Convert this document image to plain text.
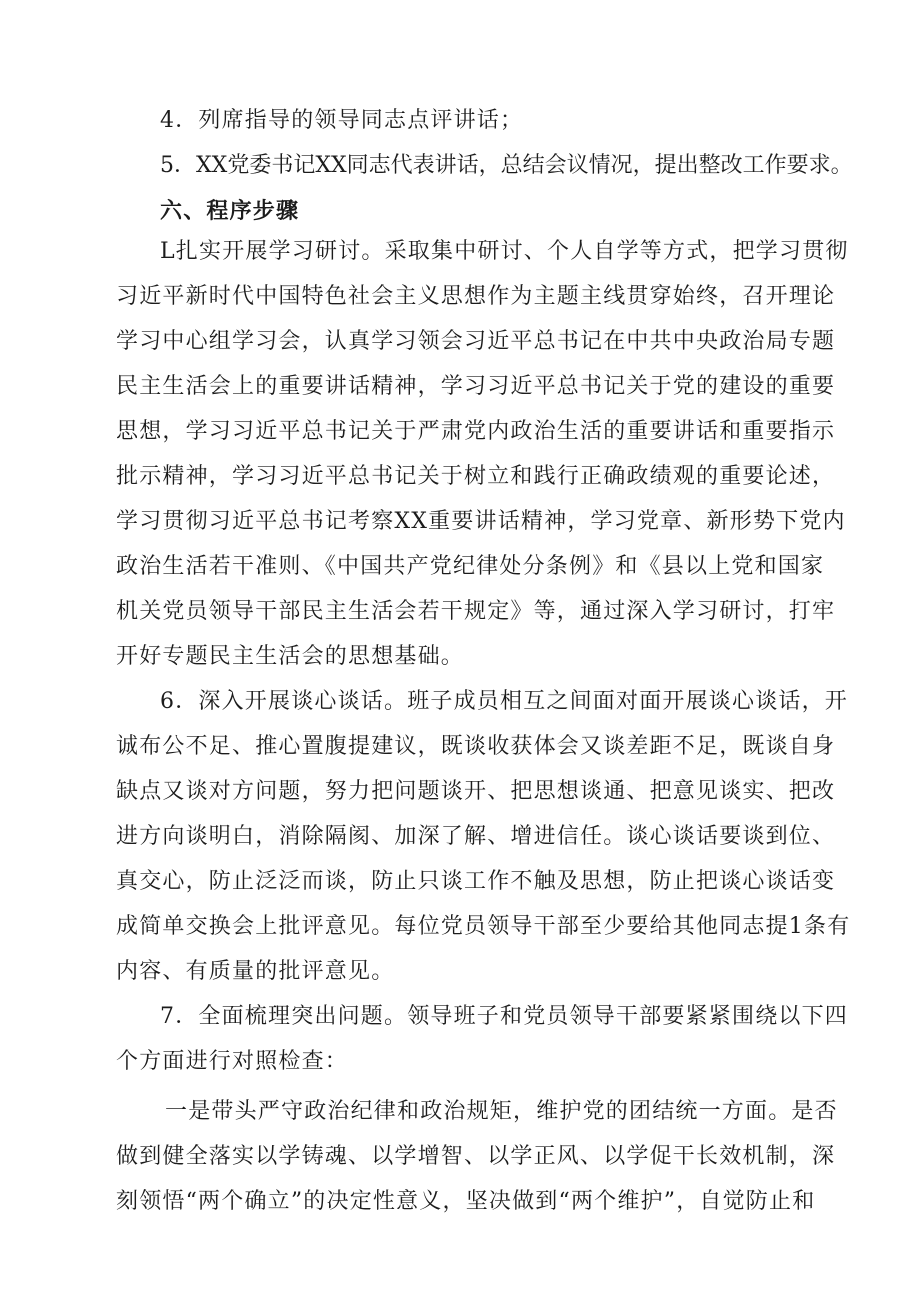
4．列席指导的领导同志点评讲话；
5．XX党委书记XX同志代表讲话，总结会议情况，提出整改工作要求。
六、程序步骤
L扎实开展学习研讨。采取集中研讨、个人自学等方式，把学习贯彻
习近平新时代中国特色社会主义思想作为主题主线贯穿始终，召开理论
学习中心组学习会，认真学习领会习近平总书记在中共中央政治局专题
民主生活会上的重要讲话精神，学习习近平总书记关于党的建设的重要
思想，学习习近平总书记关于严肃党内政治生活的重要讲话和重要指示
批示精神，学习习近平总书记关于树立和践行正确政绩观的重要论述，
学习贯彻习近平总书记考察XX重要讲话精神，学习党章、新形势下党内
政治生活若干准则、《中国共产党纪律处分条例》和《县以上党和国家
机关党员领导干部民主生活会若干规定》等，通过深入学习研讨，打牢
开好专题民主生活会的思想基础。
6．深入开展谈心谈话。班子成员相互之间面对面开展谈心谈话，开
诚布公不足、推心置腹提建议，既谈收获体会又谈差距不足，既谈自身
缺点又谈对方问题，努力把问题谈开、把思想谈通、把意见谈实、把改
进方向谈明白，消除隔阂、加深了解、增进信任。谈心谈话要谈到位、
真交心，防止泛泛而谈，防止只谈工作不触及思想，防止把谈心谈话变
成简单交换会上批评意见。每位党员领导干部至少要给其他同志提1条有
内容、有质量的批评意见。
7．全面梳理突出问题。领导班子和党员领导干部要紧紧围绕以下四
个方面进行对照检查：
一是带头严守政治纪律和政治规矩，维护党的团结统一方面。是否
做到健全落实以学铸魂、以学增智、以学正风、以学促干长效机制，深
刻领悟“两个确立”的决定性意义，坚决做到“两个维护”，自觉防止和
